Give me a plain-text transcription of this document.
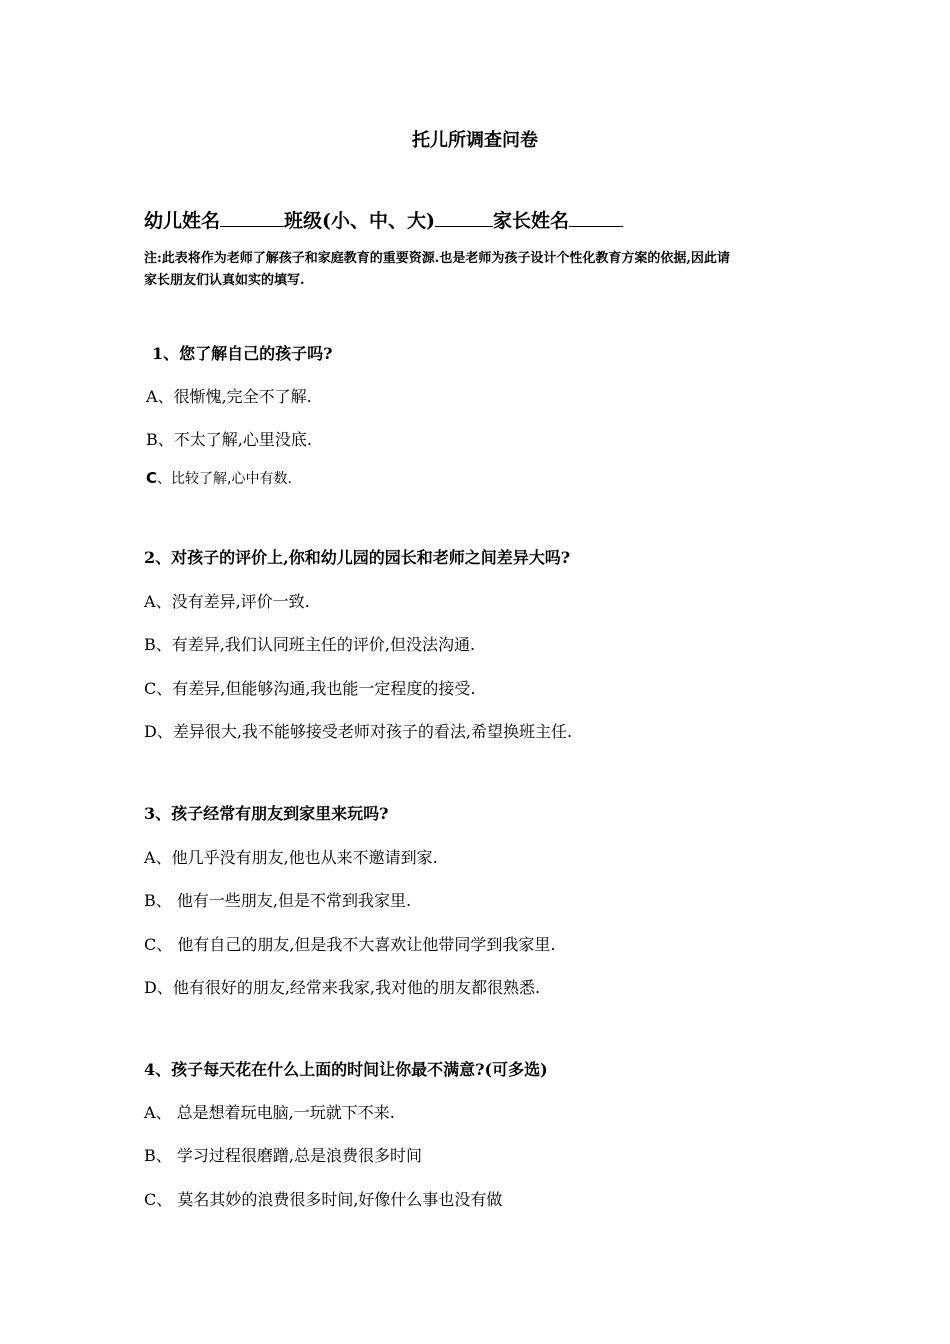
托儿所调查问卷
幼儿姓名	班级(小、中、大)	家长姓名
注:此表将作为老师了解孩子和家庭教育的重要资源.也是老师为孩子设计个性化教育方案的依据,因此请
家长朋友们认真如实的填写.
1、您了解自己的孩子吗?
A、很惭愧,完全不了解.
B、不太了解,心里没底.
C、比较了解,心中有数.
2、对孩子的评价上,你和幼儿园的园长和老师之间差异大吗?
A、没有差异,评价一致.
B、有差异,我们认同班主任的评价,但没法沟通.
C、有差异,但能够沟通,我也能一定程度的接受.
D、差异很大,我不能够接受老师对孩子的看法,希望换班主任.
3、孩子经常有朋友到家里来玩吗?
A、他几乎没有朋友,他也从来不邀请到家.
B、 他有一些朋友,但是不常到我家里.
C、 他有自己的朋友,但是我不大喜欢让他带同学到我家里.
D、他有很好的朋友,经常来我家,我对他的朋友都很熟悉.
4、孩子每天花在什么上面的时间让你最不满意?(可多选)
A、 总是想着玩电脑,一玩就下不来.
B、 学习过程很磨蹭,总是浪费很多时间
C、 莫名其妙的浪费很多时间,好像什么事也没有做
